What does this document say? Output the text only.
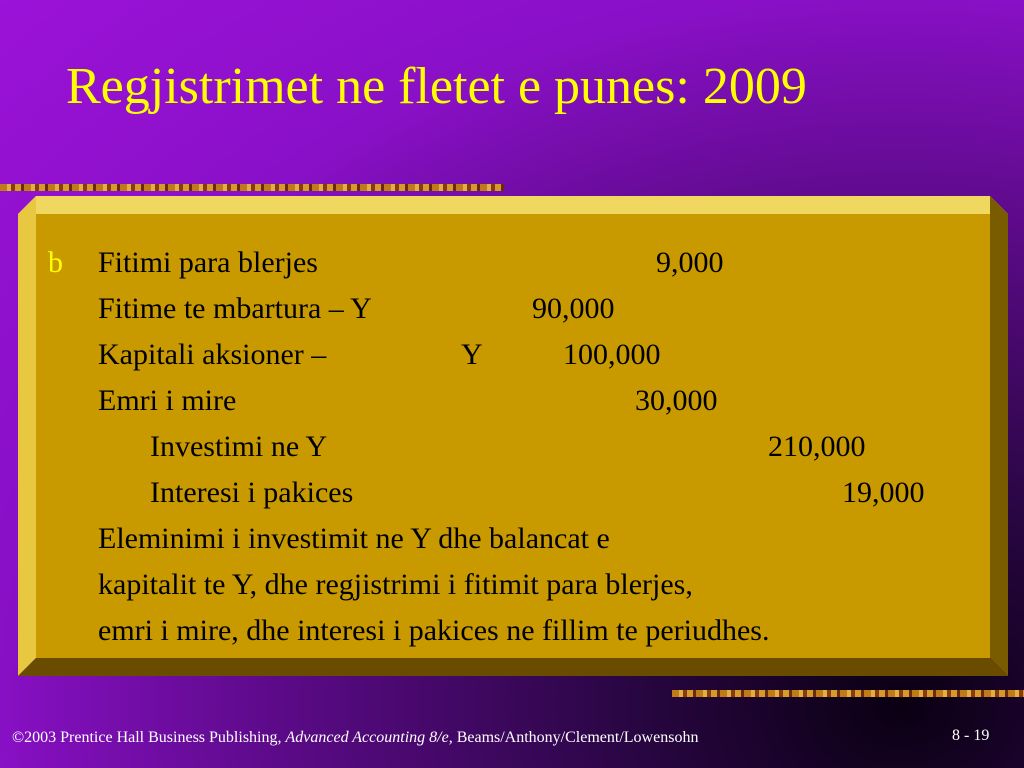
Regjistrimet ne fletet e punes: 2009
b Fitimi para blerjes	9,000
Fitime te mbartura – Y	90,000
Kapitali aksioner –	Y	100,000
Emri i mire	30,000
Investimi ne Y	210,000
Interesi i pakices	19,000
Eleminimi i investimit ne Y dhe balancat e
kapitalit te Y, dhe regjistrimi i fitimit para blerjes,
emri i mire, dhe interesi i pakices ne fillim te periudhes.
©2003 Prentice Hall Business Publishing, Advanced Accounting 8/e, Beams/Anthony/Clement/Lowensohn	8 - 19
